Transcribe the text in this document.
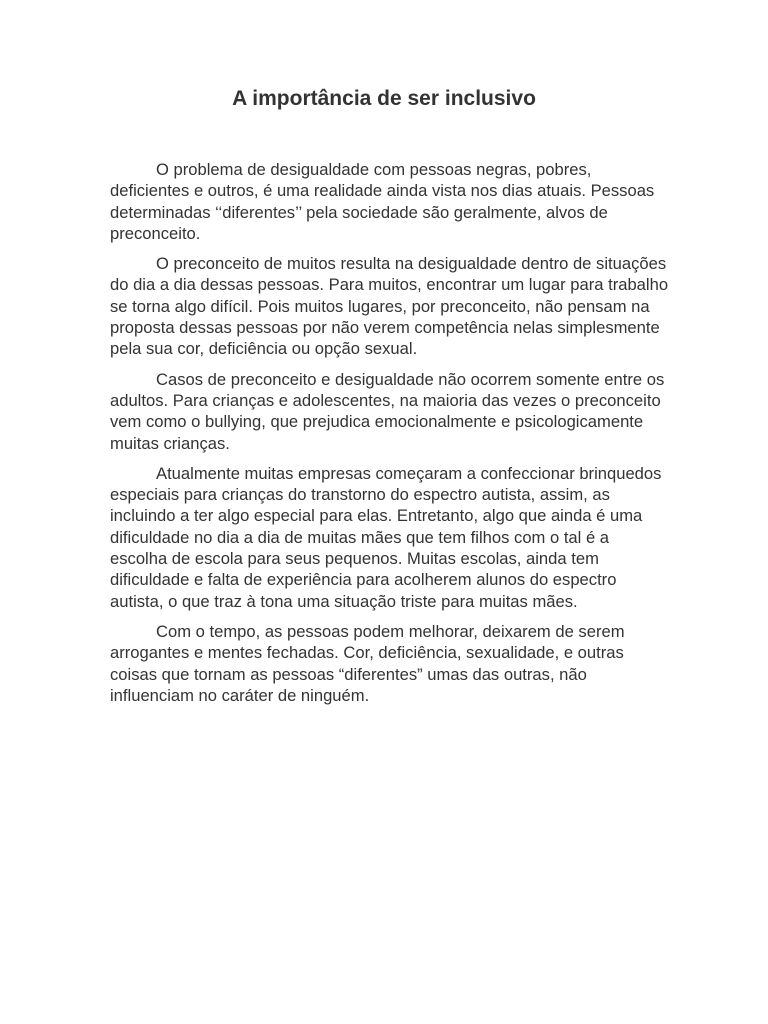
A importância de ser inclusivo

O problema de desigualdade com pessoas negras, pobres, deficientes e outros, é uma realidade ainda vista nos dias atuais. Pessoas determinadas ‘‘diferentes’’ pela sociedade são geralmente, alvos de preconceito.

O preconceito de muitos resulta na desigualdade dentro de situações do dia a dia dessas pessoas. Para muitos, encontrar um lugar para trabalho se torna algo difícil. Pois muitos lugares, por preconceito, não pensam na proposta dessas pessoas por não verem competência nelas simplesmente pela sua cor, deficiência ou opção sexual.

Casos de preconceito e desigualdade não ocorrem somente entre os adultos. Para crianças e adolescentes, na maioria das vezes o preconceito vem como o bullying, que prejudica emocionalmente e psicologicamente muitas crianças.

Atualmente muitas empresas começaram a confeccionar brinquedos especiais para crianças do transtorno do espectro autista, assim, as incluindo a ter algo especial para elas. Entretanto, algo que ainda é uma dificuldade no dia a dia de muitas mães que tem filhos com o tal é a escolha de escola para seus pequenos. Muitas escolas, ainda tem dificuldade e falta de experiência para acolherem alunos do espectro autista, o que traz à tona uma situação triste para muitas mães.

Com o tempo, as pessoas podem melhorar, deixarem de serem arrogantes e mentes fechadas. Cor, deficiência, sexualidade, e outras coisas que tornam as pessoas “diferentes” umas das outras, não influenciam no caráter de ninguém.
